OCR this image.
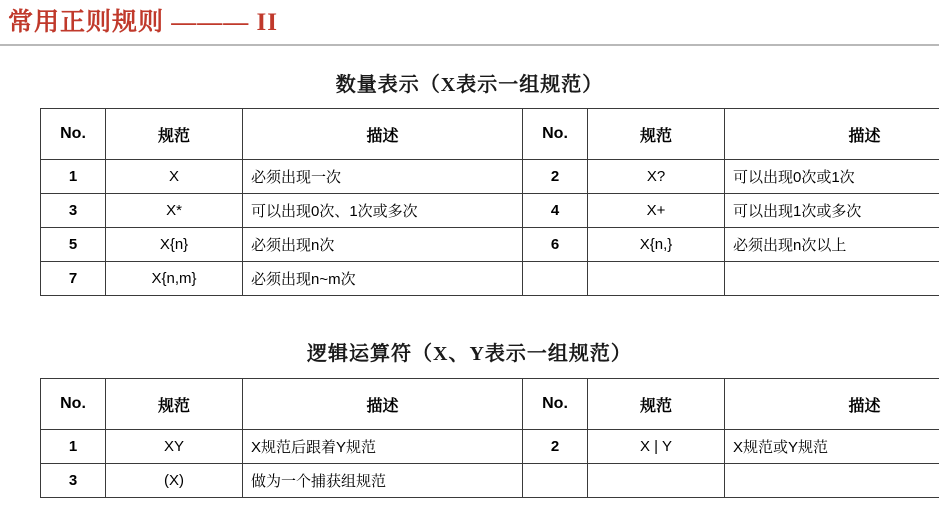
常用正则规则 ——— II
数量表示（X表示一组规范）
No.	规范	描述	No.	规范	描述
1	X	必须出现一次	2	X?	可以出现0次或1次
3	X*	可以出现0次、1次或多次	4	X+	可以出现1次或多次
5	X{n}	必须出现n次	6	X{n,}	必须出现n次以上
7	X{n,m}	必须出现n~m次			
逻辑运算符（X、Y表示一组规范）
No.	规范	描述	No.	规范	描述
1	XY	X规范后跟着Y规范	2	X | Y	X规范或Y规范
3	(X)	做为一个捕获组规范			
